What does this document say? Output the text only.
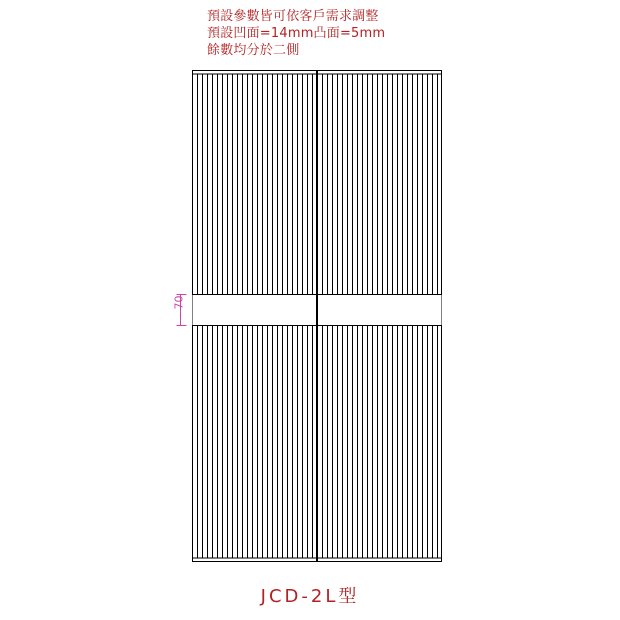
預設參數皆可依客戶需求調整
預設凹面=14mm凸面=5mm
餘數均分於二側
70
JCD-2L型
